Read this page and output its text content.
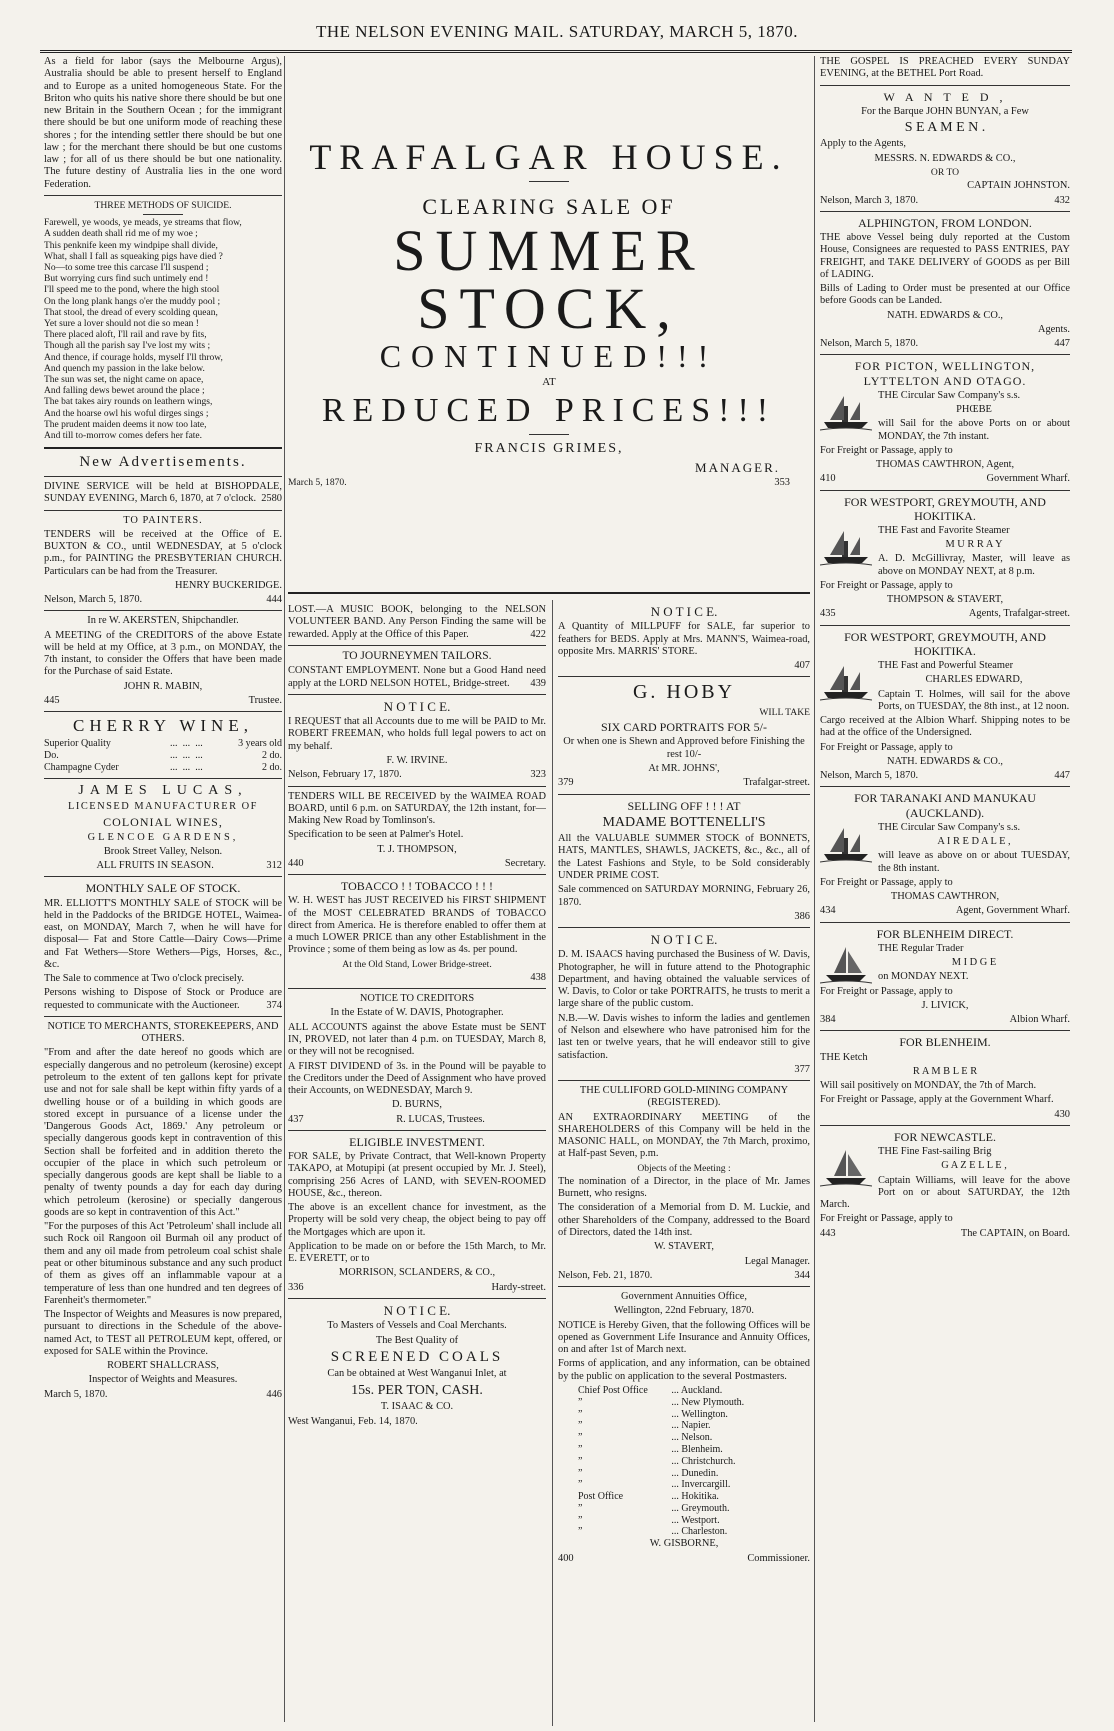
THE NELSON EVENING MAIL. SATURDAY, MARCH 5, 1870.

As a field for labor (says the Melbourne Argus), Australia should be able to present herself to England and to Europe as a united homogeneous State. For the Briton who quits his native shore there should be but one new Britain in the Southern Ocean ; for the immigrant there should be but one uniform mode of reaching these shores ; for the intending settler there should be but one law ; for the merchant there should be but one customs law ; for all of us there should be but one nationality. The future destiny of Australia lies in the one word Federation.

THREE METHODS OF SUICIDE.

Farewell, ye woods, ye meads, ye streams that flow,

A sudden death shall rid me of my woe ;

This penknife keen my windpipe shall divide,

What, shall I fall as squeaking pigs have died ?

No—to some tree this carcase I'll suspend ;

But worrying curs find such untimely end !

I'll speed me to the pond, where the high stool

On the long plank hangs o'er the muddy pool ;

That stool, the dread of every scolding quean,

Yet sure a lover should not die so mean !

There placed aloft, I'll rail and rave by fits,

Though all the parish say I've lost my wits ;

And thence, if courage holds, myself I'll throw,

And quench my passion in the lake below.

The sun was set, the night came on apace,

And falling dews bewet around the place ;

The bat takes airy rounds on leathern wings,

And the hoarse owl his woful dirges sings ;

The prudent maiden deems it now too late,

And till to-morrow comes defers her fate.

New Advertisements.

DIVINE SERVICE will be held at BISHOPDALE, SUNDAY EVENING, March 6, 1870, at 7 o'clock. 2580

TO PAINTERS.

TENDERS will be received at the Office of E. BUXTON & CO., until WEDNESDAY, at 5 o'clock p.m., for PAINTING the PRESBYTERIAN CHURCH. Particulars can be had from the Treasurer.

HENRY BUCKERIDGE.

Nelson, March 5, 1870.	444

In re W. AKERSTEN, Shipchandler.

A MEETING of the CREDITORS of the above Estate will be held at my Office, at 3 p.m., on MONDAY, the 7th instant, to consider the Offers that have been made for the Purchase of said Estate.

JOHN R. MABIN,

445	Trustee.

CHERRY WINE,

Superior Quality	...	...	...	3 years old
Do.	...	...	...	2 do.
Champagne Cyder	...	...	...	2 do.

JAMES LUCAS,

LICENSED MANUFACTURER OF

COLONIAL WINES,

GLENCOE GARDENS,

Brook Street Valley, Nelson.

ALL FRUITS IN SEASON.	312

MONTHLY SALE OF STOCK.

MR. ELLIOTT'S MONTHLY SALE of STOCK will be held in the Paddocks of the BRIDGE HOTEL, Waimea-east, on MONDAY, March 7, when he will have for disposal— Fat and Store Cattle—Dairy Cows—Prime and Fat Wethers—Store Wethers—Pigs, Horses, &c., &c.

The Sale to commence at Two o'clock precisely.

Persons wishing to Dispose of Stock or Produce are requested to communicate with the Auctioneer.	374

NOTICE TO MERCHANTS, STOREKEEPERS, AND OTHERS.

"From and after the date hereof no goods which are especially dangerous and no petroleum (kerosine) except petroleum to the extent of ten gallons kept for private use and not for sale shall be kept within fifty yards of a dwelling house or of a building in which goods are stored except in pursuance of a license under the 'Dangerous Goods Act, 1869.' Any petroleum or specially dangerous goods kept in contravention of this Section shall be forfeited and in addition thereto the occupier of the place in which such petroleum or specially dangerous goods are kept shall be liable to a penalty of twenty pounds a day for each day during which petroleum (kerosine) or specially dangerous goods are so kept in contravention of this Act."

"For the purposes of this Act 'Petroleum' shall include all such Rock oil Rangoon oil Burmah oil any product of them and any oil made from petroleum coal schist shale peat or other bituminous substance and any such product of them as gives off an inflammable vapour at a temperature of less than one hundred and ten degrees of Farenheit's thermometer."

The Inspector of Weights and Measures is now prepared, pursuant to directions in the Schedule of the above-named Act, to TEST all PETROLEUM kept, offered, or exposed for SALE within the Province.

ROBERT SHALLCRASS,

Inspector of Weights and Measures.

March 5, 1870.	446

TRAFALGAR HOUSE.

CLEARING SALE OF

SUMMER STOCK,

CONTINUED!!!

AT

REDUCED PRICES!!!

FRANCIS GRIMES,

MANAGER.

March 5, 1870.	353

LOST.—A MUSIC BOOK, belonging to the NELSON VOLUNTEER BAND. Any Person Finding the same will be rewarded. Apply at the Office of this Paper.	422

TO JOURNEYMEN TAILORS.

CONSTANT EMPLOYMENT. None but a Good Hand need apply at the LORD NELSON HOTEL, Bridge-street. 439

N O T I C E.

I REQUEST that all Accounts due to me will be PAID to Mr. ROBERT FREEMAN, who holds full legal powers to act on my behalf.

F. W. IRVINE.

Nelson, February 17, 1870.	323

TENDERS WILL BE RECEIVED by the WAIMEA ROAD BOARD, until 6 p.m. on SATURDAY, the 12th instant, for— Making New Road by Tomlinson's.

Specification to be seen at Palmer's Hotel.

T. J. THOMPSON,

440	Secretary.

TOBACCO ! ! TOBACCO ! ! !

W. H. WEST has JUST RECEIVED his FIRST SHIPMENT of the MOST CELEBRATED BRANDS of TOBACCO direct from America. He is therefore enabled to offer them at a much LOWER PRICE than any other Establishment in the Province ; some of them being as low as 4s. per pound.

At the Old Stand, Lower Bridge-street.

438

NOTICE TO CREDITORS

In the Estate of W. DAVIS, Photographer.

ALL ACCOUNTS against the above Estate must be SENT IN, PROVED, not later than 4 p.m. on TUESDAY, March 8, or they will not be recognised.

A FIRST DIVIDEND of 3s. in the Pound will be payable to the Creditors under the Deed of Assignment who have proved their Accounts, on WEDNESDAY, March 9.

D. BURNS,

437	R. LUCAS, Trustees.

ELIGIBLE INVESTMENT.

FOR SALE, by Private Contract, that Well-known Property TAKAPO, at Motupipi (at present occupied by Mr. J. Steel), comprising 256 Acres of LAND, with SEVEN-ROOMED HOUSE, &c., thereon.

The above is an excellent chance for investment, as the Property will be sold very cheap, the object being to pay off the Mortgages which are upon it.

Application to be made on or before the 15th March, to Mr. E. EVERETT, or to

MORRISON, SCLANDERS, & CO.,

336	Hardy-street.

N O T I C E.

To Masters of Vessels and Coal Merchants.

The Best Quality of

SCREENED COALS

Can be obtained at West Wanganui Inlet, at

15s. PER TON, CASH.

T. ISAAC & CO.

West Wanganui, Feb. 14, 1870.

N O T I C E.

A Quantity of MILLPUFF for SALE, far superior to feathers for BEDS. Apply at Mrs. MANN'S, Waimea-road, opposite Mrs. MARRIS' STORE.

407

G. HOBY

WILL TAKE

SIX CARD PORTRAITS FOR 5/-

Or when one is Shewn and Approved before Finishing the rest 10/-

At MR. JOHNS',

379	Trafalgar-street.

SELLING OFF ! ! ! AT

MADAME BOTTENELLI'S

All the VALUABLE SUMMER STOCK of BONNETS, HATS, MANTLES, SHAWLS, JACKETS, &c., &c., all of the Latest Fashions and Style, to be Sold considerably UNDER PRIME COST.

Sale commenced on SATURDAY MORNING, February 26, 1870.

386

N O T I C E.

D. M. ISAACS having purchased the Business of W. Davis, Photographer, he will in future attend to the Photographic Department, and having obtained the valuable services of W. Davis, to Color or take PORTRAITS, he trusts to merit a large share of the public custom.

N.B.—W. Davis wishes to inform the ladies and gentlemen of Nelson and elsewhere who have patronised him for the last ten or twelve years, that he will endeavor still to give satisfaction.

377

THE CULLIFORD GOLD-MINING COMPANY (REGISTERED).

AN EXTRAORDINARY MEETING of the SHAREHOLDERS of this Company will be held in the MASONIC HALL, on MONDAY, the 7th March, proximo, at Half-past Seven, p.m.

Objects of the Meeting :

The nomination of a Director, in the place of Mr. James Burnett, who resigns.

The consideration of a Memorial from D. M. Luckie, and other Shareholders of the Company, addressed to the Board of Directors, dated the 14th inst.

W. STAVERT,

Legal Manager.

Nelson, Feb. 21, 1870.	344

Government Annuities Office,

Wellington, 22nd February, 1870.

NOTICE is Hereby Given, that the following Offices will be opened as Government Life Insurance and Annuity Offices, on and after 1st of March next.

Forms of application, and any information, can be obtained by the public on application to the several Postmasters.

Chief Post Office	... Auckland.
”	... New Plymouth.
”	... Wellington.
”	... Napier.
”	... Nelson.
”	... Blenheim.
”	... Christchurch.
”	... Dunedin.
”	... Invercargill.
Post Office	... Hokitika.
”	... Greymouth.
”	... Westport.
”	... Charleston.

W. GISBORNE,

400	Commissioner.

THE GOSPEL IS PREACHED EVERY SUNDAY EVENING, at the BETHEL Port Road.

W A N T E D ,

For the Barque JOHN BUNYAN, a Few

S E A M E N .

Apply to the Agents,

MESSRS. N. EDWARDS & CO.,

OR TO

CAPTAIN JOHNSTON.

Nelson, March 3, 1870.	432

ALPHINGTON, FROM LONDON.

THE above Vessel being duly reported at the Custom House, Consignees are requested to PASS ENTRIES, PAY FREIGHT, and TAKE DELIVERY of GOODS as per Bill of LADING.

Bills of Lading to Order must be presented at our Office before Goods can be Landed.

NATH. EDWARDS & CO.,

Agents.

Nelson, March 5, 1870.	447

FOR PICTON, WELLINGTON, LYTTELTON AND OTAGO.

THE Circular Saw Company's s.s.

PHŒBE

will Sail for the above Ports on or about MONDAY, the 7th instant.

For Freight or Passage, apply to

THOMAS CAWTHRON, Agent,

410	Government Wharf.

FOR WESTPORT, GREYMOUTH, AND HOKITIKA.

THE Fast and Favorite Steamer

M U R R A Y

A. D. McGillivray, Master, will leave as above on MONDAY NEXT, at 8 p.m.

For Freight or Passage, apply to

THOMPSON & STAVERT,

435	Agents, Trafalgar-street.

FOR WESTPORT, GREYMOUTH, AND HOKITIKA.

THE Fast and Powerful Steamer

CHARLES EDWARD,

Captain T. Holmes, will sail for the above Ports, on TUESDAY, the 8th inst., at 12 noon.

Cargo received at the Albion Wharf. Shipping notes to be had at the office of the Undersigned.

For Freight or Passage, apply to

NATH. EDWARDS & CO.,

Nelson, March 5, 1870.	447

FOR TARANAKI AND MANUKAU (AUCKLAND).

THE Circular Saw Company's s.s.

A I R E D A L E ,

will leave as above on or about TUESDAY, the 8th instant.

For Freight or Passage, apply to

THOMAS CAWTHRON,

434	Agent, Government Wharf.

FOR BLENHEIM DIRECT.

THE Regular Trader

M I D G E

on MONDAY NEXT.

For Freight or Passage, apply to

J. LIVICK,

384	Albion Wharf.

FOR BLENHEIM.

THE Ketch

R A M B L E R

Will sail positively on MONDAY, the 7th of March.

For Freight or Passage, apply at the Government Wharf.

430

FOR NEWCASTLE.

THE Fine Fast-sailing Brig

G A Z E L L E ,

Captain Williams, will leave for the above Port on or about SATURDAY, the 12th March.

For Freight or Passage, apply to

443	The CAPTAIN, on Board.
